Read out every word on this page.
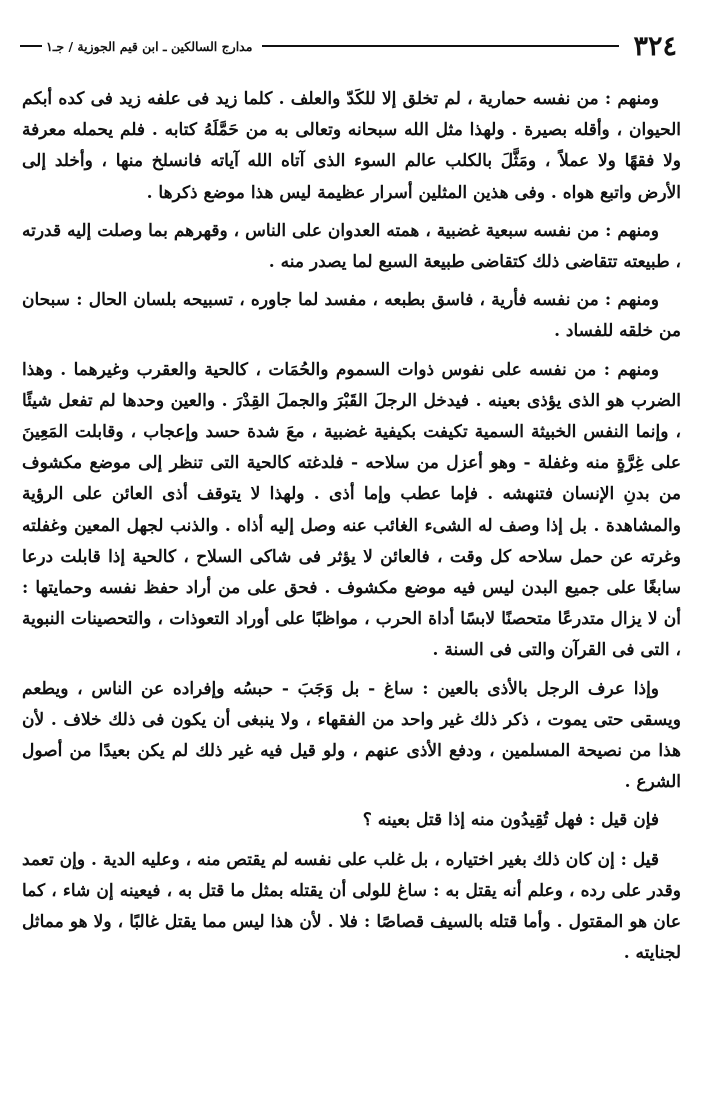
٣٢٤
مدارج السالكين ـ ابن قيم الجوزية / جـ١

ومنهم : من نفسه حمارية ، لم تخلق إلا للكَدّ والعلف . كلما زيد فى علفه زيد فى كده أبكم الحيوان ، وأقله بصيرة . ولهذا مثل الله سبحانه وتعالى به من حَمَّلَهُ كتابه . فلم يحمله معرفة ولا فقهًا ولا عملاً ، ومَثَّلَ بالكلب عالم السوء الذى آتاه الله آياته فانسلخ منها ، وأخلد إلى الأرض واتبع هواه . وفى هذين المثلين أسرار عظيمة ليس هذا موضع ذكرها .

ومنهم : من نفسه سبعية غضبية ، همته العدوان على الناس ، وقهرهم بما وصلت إليه قدرته ، طبيعته تتقاضى ذلك كتقاضى طبيعة السبع لما يصدر منه .

ومنهم : من نفسه فأرية ، فاسق بطبعه ، مفسد لما جاوره ، تسبيحه بلسان الحال : سبحان من خلقه للفساد .

ومنهم : من نفسه على نفوس ذوات السموم والحُمَات ، كالحية والعقرب وغيرهما . وهذا الضرب هو الذى يؤذى بعينه . فيدخل الرجلَ القَبْرَ والجملَ القِدْرَ . والعين وحدها لم تفعل شيئًا ، وإنما النفس الخبيثة السمية تكيفت بكيفية غضبية ، معَ شدة حسد وإعجاب ، وقابلت المَعِينَ على غِرَّةٍ منه وغفلة - وهو أعزل من سلاحه - فلدغته كالحية التى تنظر إلى موضع مكشوف من بدنِ الإنسان فتنهشه . فإما عطب وإما أذى . ولهذا لا يتوقف أذى العائن على الرؤية والمشاهدة . بل إذا وصف له الشىء الغائب عنه وصل إليه أذاه . والذنب لجهل المعين وغفلته وغرته عن حمل سلاحه كل وقت ، فالعائن لا يؤثر فى شاكى السلاح ، كالحية إذا قابلت درعا سابغًا على جميع البدن ليس فيه موضع مكشوف . فحق على من أراد حفظ نفسه وحمايتها : أن لا يزال متدرعًا متحصنًا لابسًا أداة الحرب ، مواظبًا على أوراد التعوذات ، والتحصينات النبوية ، التى فى القرآن والتى فى السنة .

وإذا عرف الرجل بالأذى بالعين : ساغ - بل وَجَبَ - حبسُه وإفراده عن الناس ، ويطعم ويسقى حتى يموت ، ذكر ذلك غير واحد من الفقهاء ، ولا ينبغى أن يكون فى ذلك خلاف . لأن هذا من نصيحة المسلمين ، ودفع الأذى عنهم ، ولو قيل فيه غير ذلك لم يكن بعيدًا من أصول الشرع .

فإن قيل : فهل تُقِيدُون منه إذا قتل بعينه ؟

قيل : إن كان ذلك بغير اختياره ، بل غلب على نفسه لم يقتص منه ، وعليه الدية . وإن تعمد وقدر على رده ، وعلم أنه يقتل به : ساغ للولى أن يقتله بمثل ما قتل به ، فيعينه إن شاء ، كما عان هو المقتول . وأما قتله بالسيف قصاصًا : فلا . لأن هذا ليس مما يقتل غالبًا ، ولا هو مماثل لجنايته .
